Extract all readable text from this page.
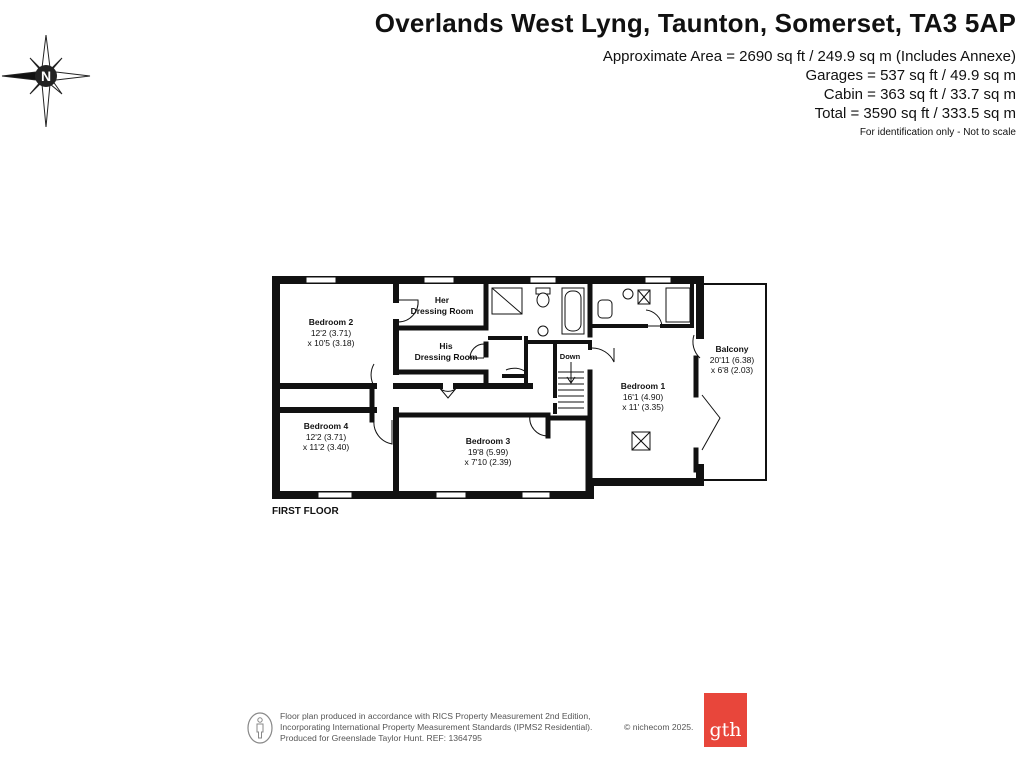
Overlands West Lyng, Taunton, Somerset, TA3 5AP
Approximate Area = 2690 sq ft / 249.9 sq m (Includes Annexe)
Garages = 537 sq ft / 49.9 sq m
Cabin = 363 sq ft / 33.7 sq m
Total = 3590 sq ft / 333.5 sq m
For identification only - Not to scale
N
Bedroom 2
12'2 (3.71)
x 10'5 (3.18)
Her
Dressing Room
His
Dressing Room
Bedroom 4
12'2 (3.71)
x 11'2 (3.40)
Bedroom 3
19'8 (5.99)
x 7'10 (2.39)
Bedroom 1
16'1 (4.90)
x 11' (3.35)
Balcony
20'11 (6.38)
x 6'8 (2.03)
Down
FIRST FLOOR
Floor plan produced in accordance with RICS Property Measurement 2nd Edition,
Incorporating International Property Measurement Standards (IPMS2 Residential).
Produced for Greenslade Taylor Hunt. REF: 1364795
© nichecom 2025. gth
